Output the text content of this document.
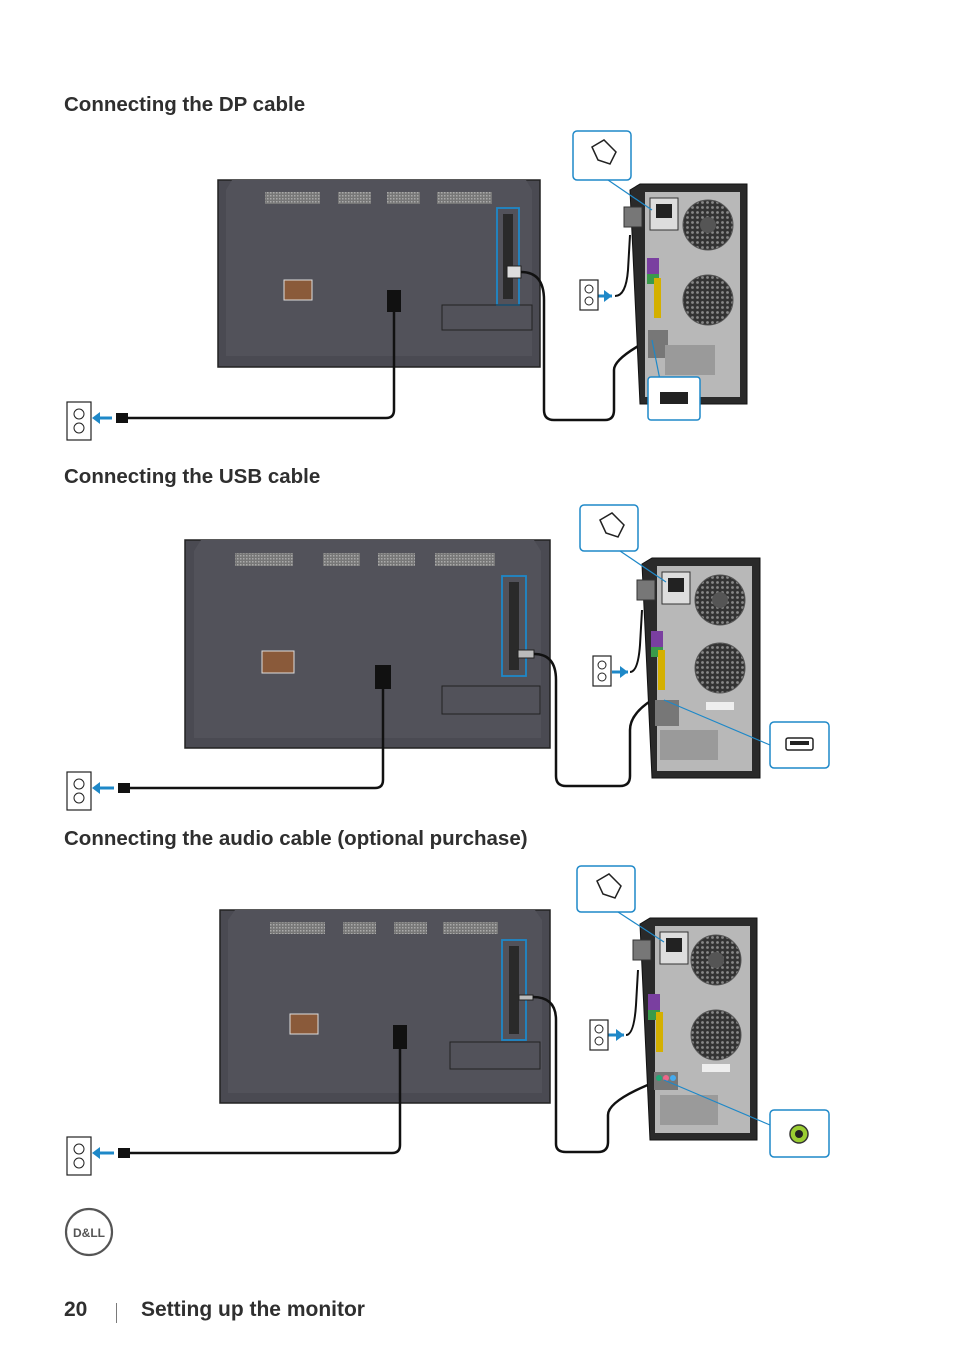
Connecting the DP cable
Connecting the USB cable
Connecting the audio cable (optional purchase)
D&LL
20	Setting up the monitor
